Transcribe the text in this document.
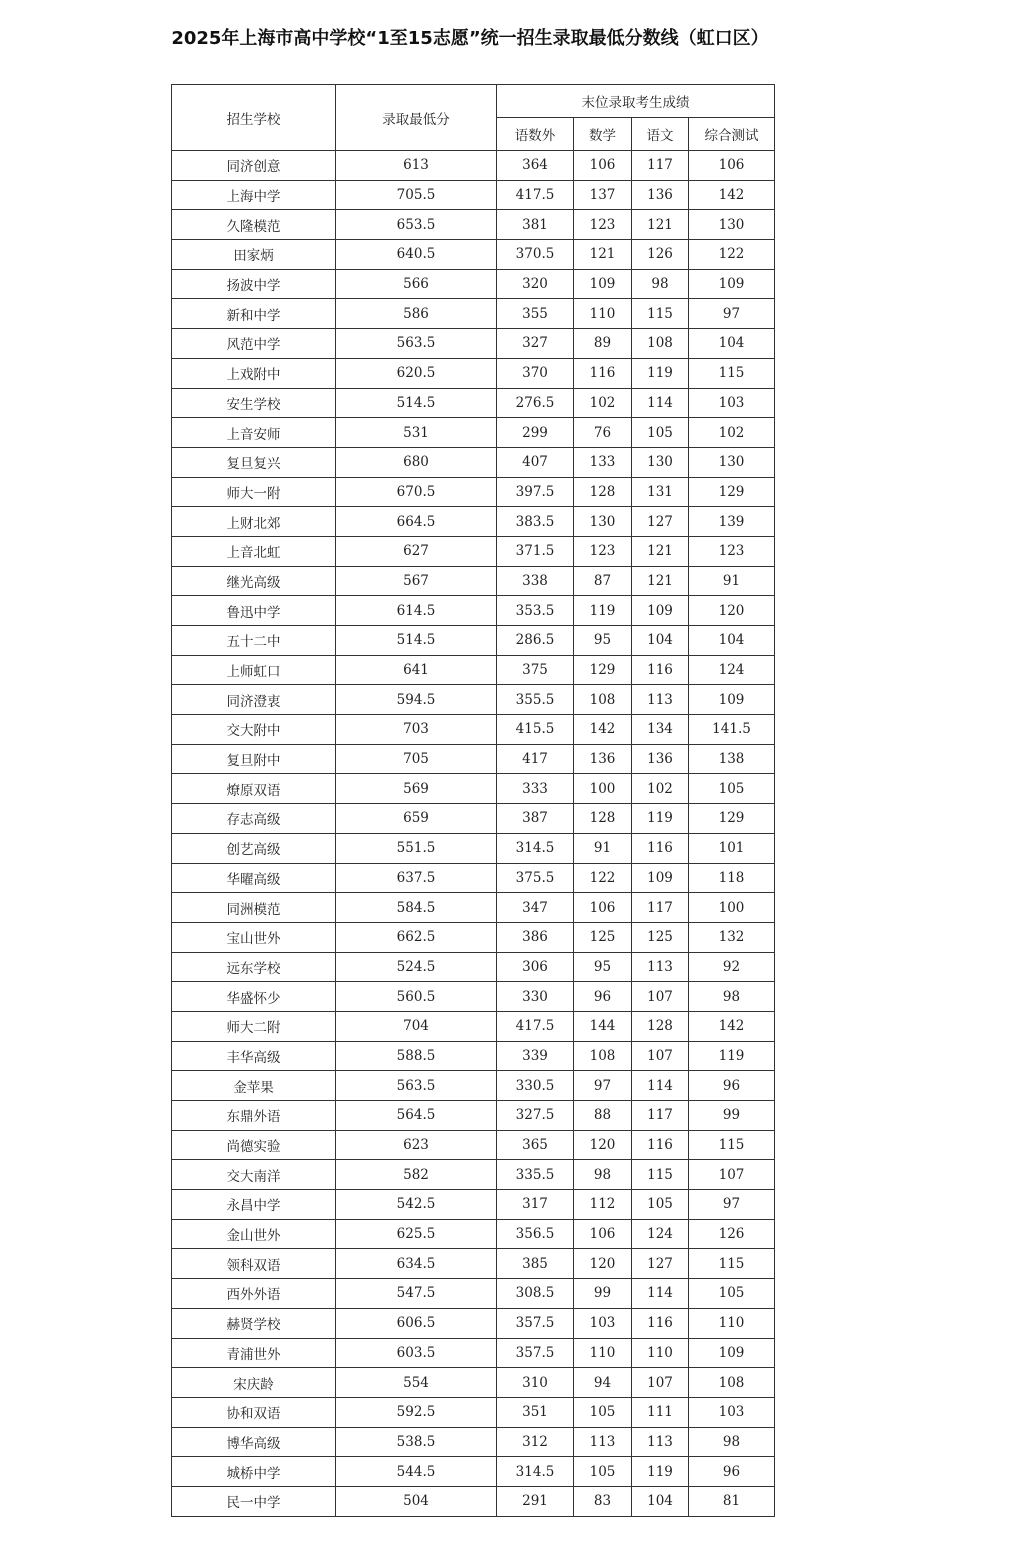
2025年上海市高中学校“1至15志愿”统一招生录取最低分数线（虹口区）
招生学校	录取最低分	末位录取考生成绩			
		语数外	数学	语文	综合测试
同济创意	613	364	106	117	106
上海中学	705.5	417.5	137	136	142
久隆模范	653.5	381	123	121	130
田家炳	640.5	370.5	121	126	122
扬波中学	566	320	109	98	109
新和中学	586	355	110	115	97
风范中学	563.5	327	89	108	104
上戏附中	620.5	370	116	119	115
安生学校	514.5	276.5	102	114	103
上音安师	531	299	76	105	102
复旦复兴	680	407	133	130	130
师大一附	670.5	397.5	128	131	129
上财北郊	664.5	383.5	130	127	139
上音北虹	627	371.5	123	121	123
继光高级	567	338	87	121	91
鲁迅中学	614.5	353.5	119	109	120
五十二中	514.5	286.5	95	104	104
上师虹口	641	375	129	116	124
同济澄衷	594.5	355.5	108	113	109
交大附中	703	415.5	142	134	141.5
复旦附中	705	417	136	136	138
燎原双语	569	333	100	102	105
存志高级	659	387	128	119	129
创艺高级	551.5	314.5	91	116	101
华曜高级	637.5	375.5	122	109	118
同洲模范	584.5	347	106	117	100
宝山世外	662.5	386	125	125	132
远东学校	524.5	306	95	113	92
华盛怀少	560.5	330	96	107	98
师大二附	704	417.5	144	128	142
丰华高级	588.5	339	108	107	119
金苹果	563.5	330.5	97	114	96
东鼎外语	564.5	327.5	88	117	99
尚德实验	623	365	120	116	115
交大南洋	582	335.5	98	115	107
永昌中学	542.5	317	112	105	97
金山世外	625.5	356.5	106	124	126
领科双语	634.5	385	120	127	115
西外外语	547.5	308.5	99	114	105
赫贤学校	606.5	357.5	103	116	110
青浦世外	603.5	357.5	110	110	109
宋庆龄	554	310	94	107	108
协和双语	592.5	351	105	111	103
博华高级	538.5	312	113	113	98
城桥中学	544.5	314.5	105	119	96
民一中学	504	291	83	104	81
